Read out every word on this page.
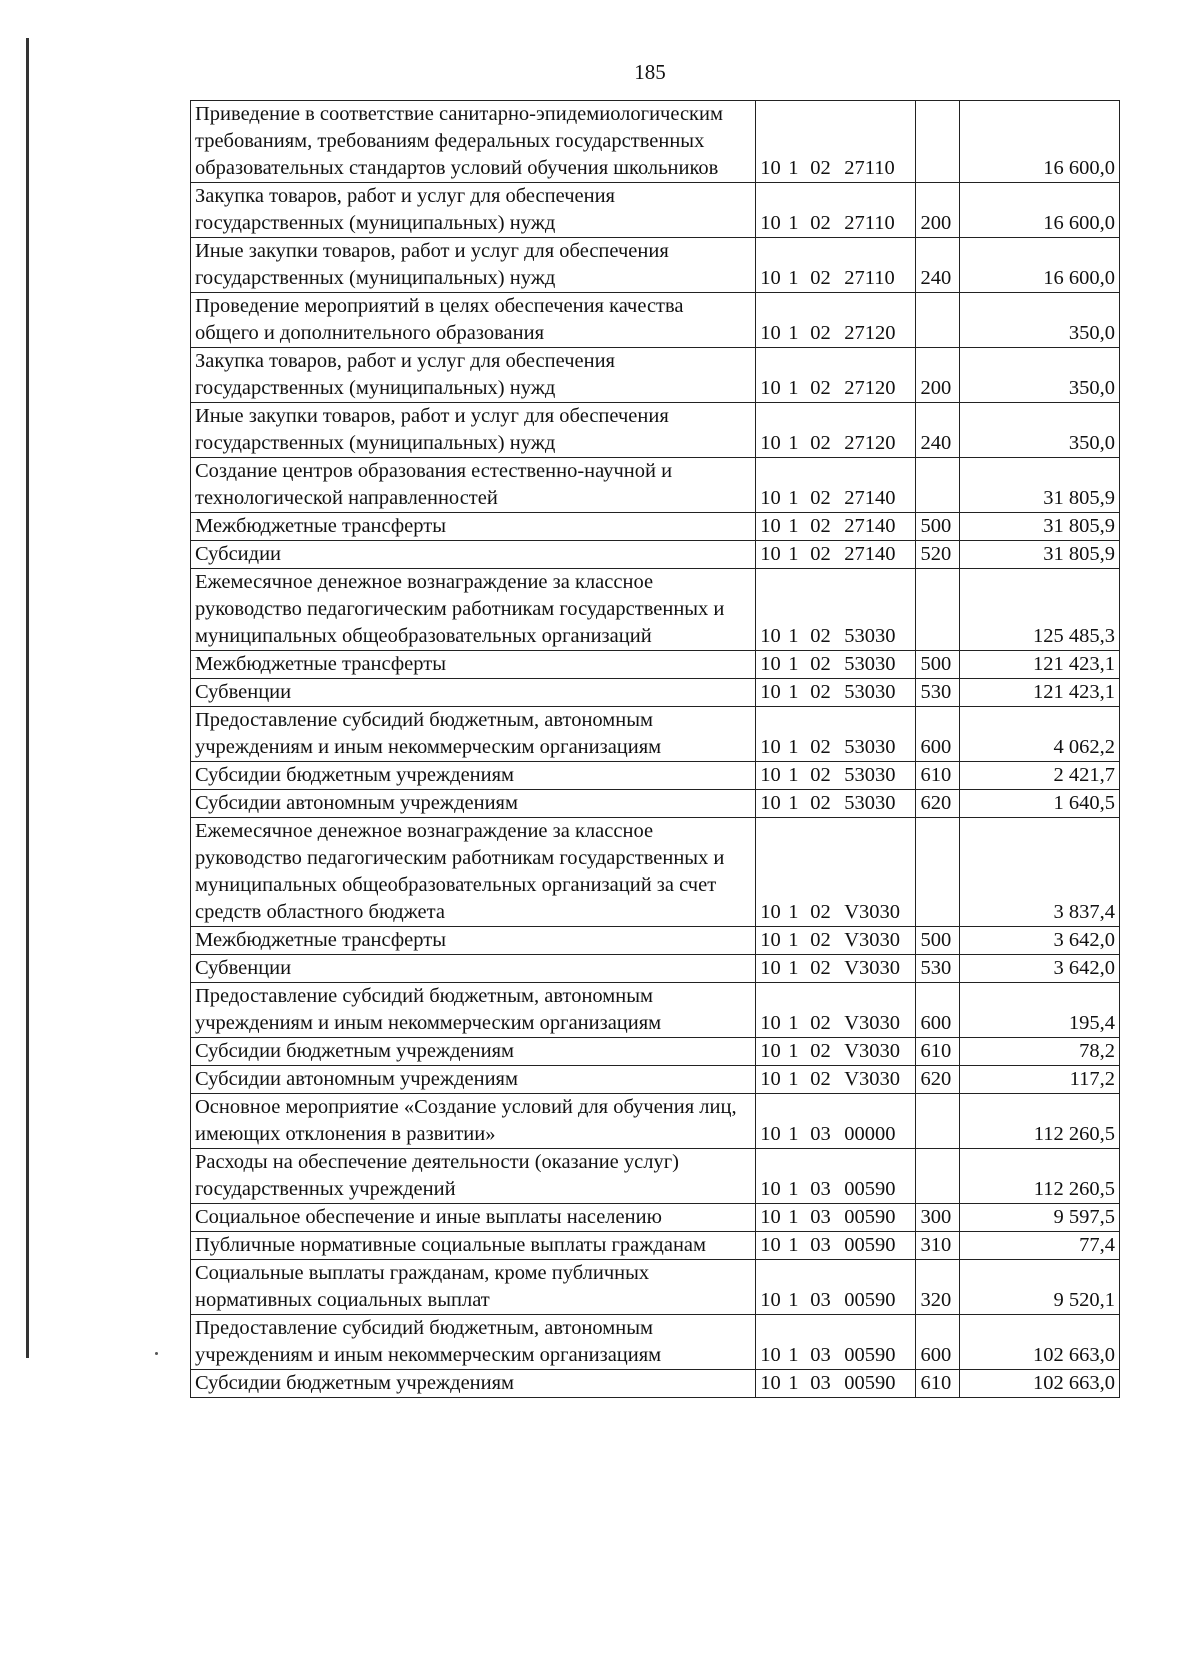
185
Приведение в соответствие санитарно-эпидемиологическим требованиям, требованиям федеральных государственных образовательных стандартов условий обучения школьников	10 1 02 27110		16 600,0
Закупка товаров, работ и услуг для обеспечения государственных (муниципальных) нужд	10 1 02 27110	200	16 600,0
Иные закупки товаров, работ и услуг для обеспечения государственных (муниципальных) нужд	10 1 02 27110	240	16 600,0
Проведение мероприятий в целях обеспечения качества общего и дополнительного образования	10 1 02 27120		350,0
Закупка товаров, работ и услуг для обеспечения государственных (муниципальных) нужд	10 1 02 27120	200	350,0
Иные закупки товаров, работ и услуг для обеспечения государственных (муниципальных) нужд	10 1 02 27120	240	350,0
Создание центров образования естественно-научной и технологической направленностей	10 1 02 27140		31 805,9
Межбюджетные трансферты	10 1 02 27140	500	31 805,9
Субсидии	10 1 02 27140	520	31 805,9
Ежемесячное денежное вознаграждение за классное руководство педагогическим работникам государственных и муниципальных общеобразовательных организаций	10 1 02 53030		125 485,3
Межбюджетные трансферты	10 1 02 53030	500	121 423,1
Субвенции	10 1 02 53030	530	121 423,1
Предоставление субсидий бюджетным, автономным учреждениям и иным некоммерческим организациям	10 1 02 53030	600	4 062,2
Субсидии бюджетным учреждениям	10 1 02 53030	610	2 421,7
Субсидии автономным учреждениям	10 1 02 53030	620	1 640,5
Ежемесячное денежное вознаграждение за классное руководство педагогическим работникам государственных и муниципальных общеобразовательных организаций за счет средств областного бюджета	10 1 02 V3030		3 837,4
Межбюджетные трансферты	10 1 02 V3030	500	3 642,0
Субвенции	10 1 02 V3030	530	3 642,0
Предоставление субсидий бюджетным, автономным учреждениям и иным некоммерческим организациям	10 1 02 V3030	600	195,4
Субсидии бюджетным учреждениям	10 1 02 V3030	610	78,2
Субсидии автономным учреждениям	10 1 02 V3030	620	117,2
Основное мероприятие «Создание условий для обучения лиц, имеющих отклонения в развитии»	10 1 03 00000		112 260,5
Расходы на обеспечение деятельности (оказание услуг) государственных учреждений	10 1 03 00590		112 260,5
Социальное обеспечение и иные выплаты населению	10 1 03 00590	300	9 597,5
Публичные нормативные социальные выплаты гражданам	10 1 03 00590	310	77,4
Социальные выплаты гражданам, кроме публичных нормативных социальных выплат	10 1 03 00590	320	9 520,1
Предоставление субсидий бюджетным, автономным учреждениям и иным некоммерческим организациям	10 1 03 00590	600	102 663,0
Субсидии бюджетным учреждениям	10 1 03 00590	610	102 663,0
